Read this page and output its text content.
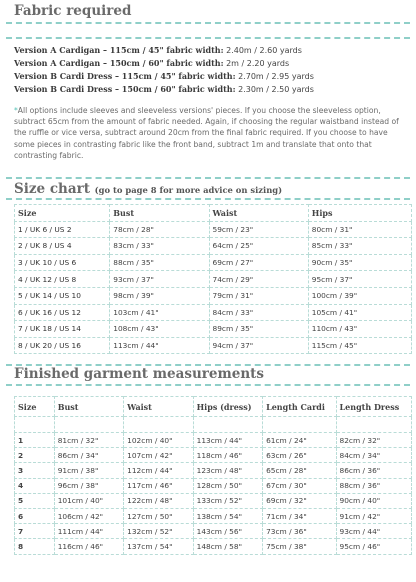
Fabric required
Version A Cardigan – 115cm / 45" fabric width: 2.40m / 2.60 yards
Version A Cardigan – 150cm / 60" fabric width: 2m / 2.20 yards
Version B Cardi Dress – 115cm / 45" fabric width: 2.70m / 2.95 yards
Version B Cardi Dress – 150cm / 60" fabric width: 2.30m / 2.50 yards
*All options include sleeves and sleeveless versions' pieces. If you choose the sleeveless option, subtract 65cm from the amount of fabric needed. Again, if choosing the regular waistband instead of the ruffle or vice versa, subtract around 20cm from the final fabric required. If you choose to have some pieces in contrasting fabric like the front band, subtract 1m and translate that onto that contrasting fabric.
Size chart (go to page 8 for more advice on sizing)
Size	Bust	Waist	Hips
1 / UK 6 / US 2	78cm / 28"	59cm / 23"	80cm / 31"
2 / UK 8 / US 4	83cm / 33"	64cm / 25"	85cm / 33"
3 / UK 10 / US 6	88cm / 35"	69cm / 27"	90cm / 35"
4 / UK 12 / US 8	93cm / 37"	74cm / 29"	95cm / 37"
5 / UK 14 / US 10	98cm / 39"	79cm / 31"	100cm / 39"
6 / UK 16 / US 12	103cm / 41"	84cm / 33"	105cm / 41"
7 / UK 18 / US 14	108cm / 43"	89cm / 35"	110cm / 43"
8 / UK 20 / US 16	113cm / 44"	94cm / 37"	115cm / 45"
Finished garment measurements
Size	Bust	Waist	Hips (dress)	Length Cardi	Length Dress

1	81cm / 32"	102cm / 40"	113cm / 44"	61cm / 24"	82cm / 32"
2	86cm / 34"	107cm / 42"	118cm / 46"	63cm / 26"	84cm / 34"
3	91cm / 38"	112cm / 44"	123cm / 48"	65cm / 28"	86cm / 36"
4	96cm / 38"	117cm / 46"	128cm / 50"	67cm / 30"	88cm / 36"
5	101cm / 40"	122cm / 48"	133cm / 52"	69cm / 32"	90cm / 40"
6	106cm / 42"	127cm / 50"	138cm / 54"	71cm / 34"	91cm / 42"
7	111cm / 44"	132cm / 52"	143cm / 56"	73cm / 36"	93cm / 44"
8	116cm / 46"	137cm / 54"	148cm / 58"	75cm / 38"	95cm / 46"
